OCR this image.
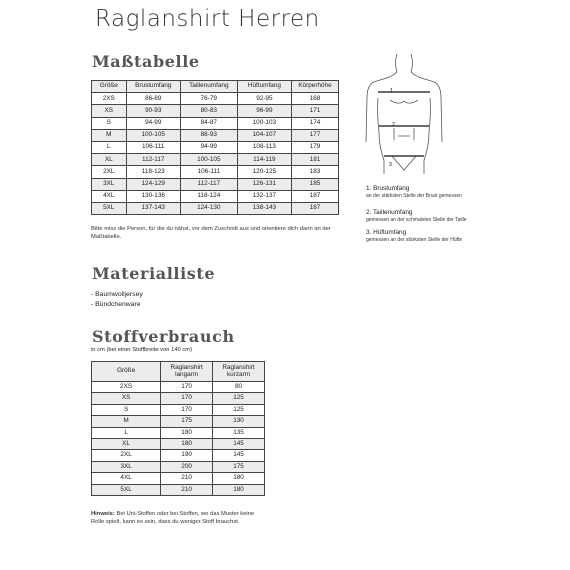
Raglanshirt Herren
Maßtabelle
Größe	Brustumfang	Taillenumfang	Hüftumfang	Körperhöhe
2XS	86-89	76-79	92-95	168
XS	90-93	80-83	96-99	171
S	94-99	84-87	100-103	174
M	100-105	88-93	104-107	177
L	106-111	94-99	108-113	179
XL	112-117	100-105	114-119	181
2XL	118-123	106-111	120-125	183
3XL	124-129	112-117	126-131	185
4XL	130-136	118-124	132-137	187
5XL	137-143	124-130	138-143	187
Bitte miss die Person, für die du nähst, vor dem Zuschnitt aus und orientiere dich dann an der Maßtabelle.
1
2
3
1. Brustumfang
an der stärksten Stelle der Brust gemessen
2. Taillenumfang
gemessen an der schmalsten Stelle der Taille
3. Hüftumfang
gemessen an der stärksten Stelle der Hüfte
Materialliste
- Baumwolljersey
- Bündchenware
Stoffverbrauch
in cm (bei einer Stoffbreite von 140 cm)
Größe	Raglanshirt langarm	Raglanshirt kurzarm
2XS	170	80
XS	170	125
S	170	125
M	175	130
L	180	135
XL	180	145
2XL	190	145
3XL	200	175
4XL	210	180
5XL	210	180
Hinweis: Bei Uni-Stoffen oder bei Stoffen, wo das Muster keine Rolle spielt, kann es sein, dass du weniger Stoff brauchst.
